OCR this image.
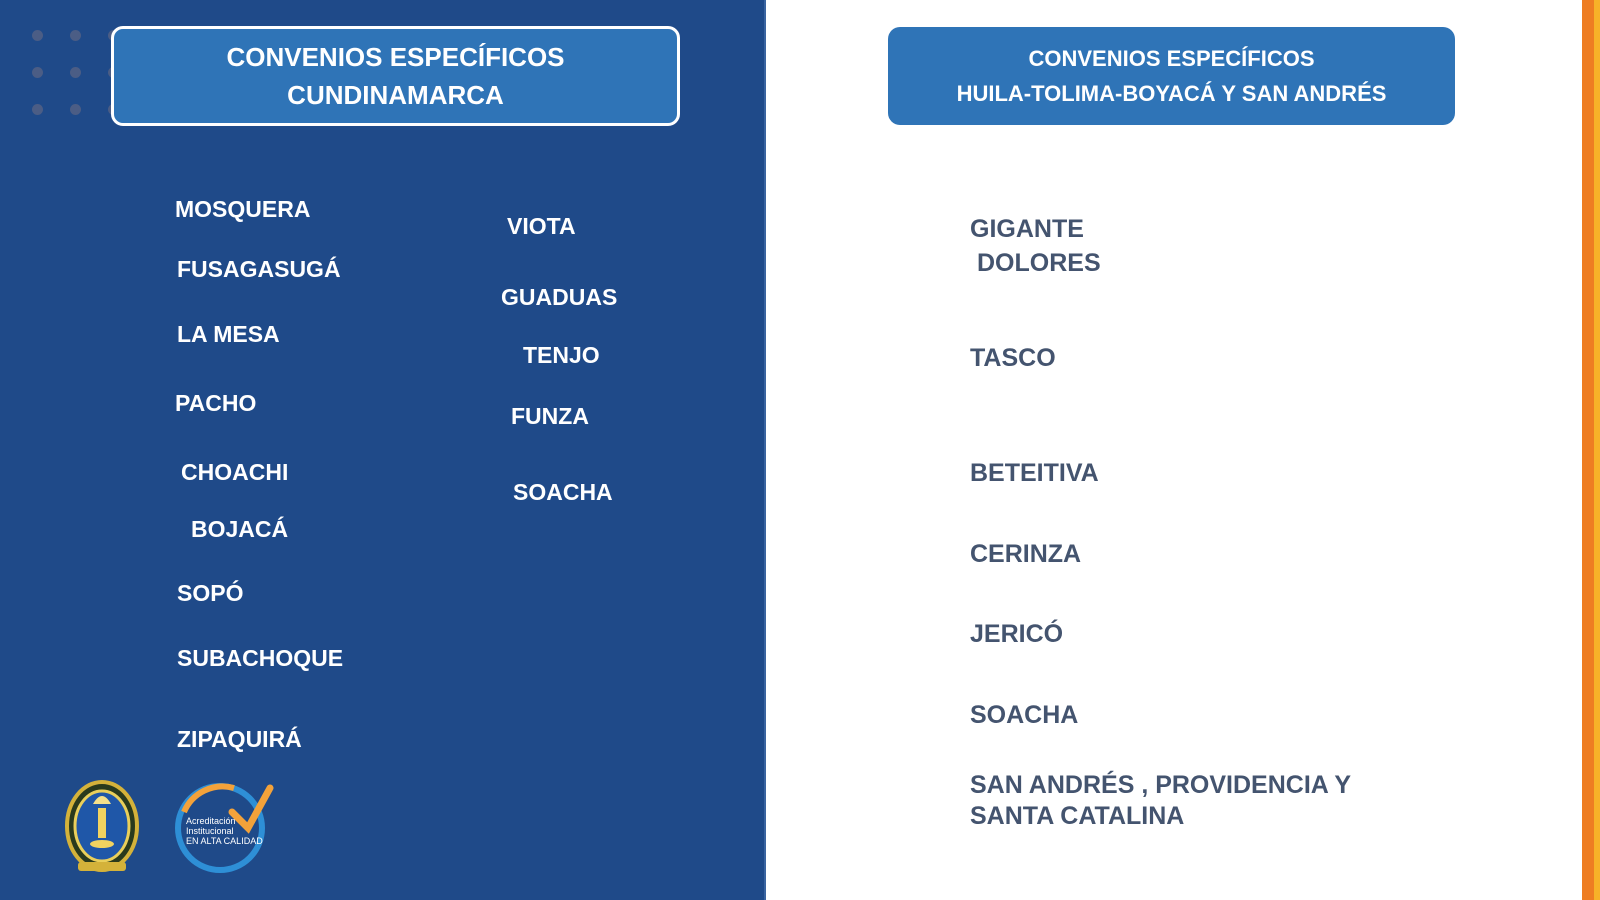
CONVENIOS ESPECÍFICOS
CUNDINAMARCA
MOSQUERA
FUSAGASUGÁ
LA MESA
PACHO
CHOACHI
BOJACÁ
SOPÓ
SUBACHOQUE
ZIPAQUIRÁ
VIOTA
GUADUAS
TENJO
FUNZA
SOACHA
Acreditación
Institucional
EN ALTA CALIDAD
CONVENIOS ESPECÍFICOS
HUILA-TOLIMA-BOYACÁ Y SAN ANDRÉS
GIGANTE
DOLORES
TASCO
BETEITIVA
CERINZA
JERICÓ
SOACHA
SAN ANDRÉS , PROVIDENCIA Y
SANTA CATALINA
